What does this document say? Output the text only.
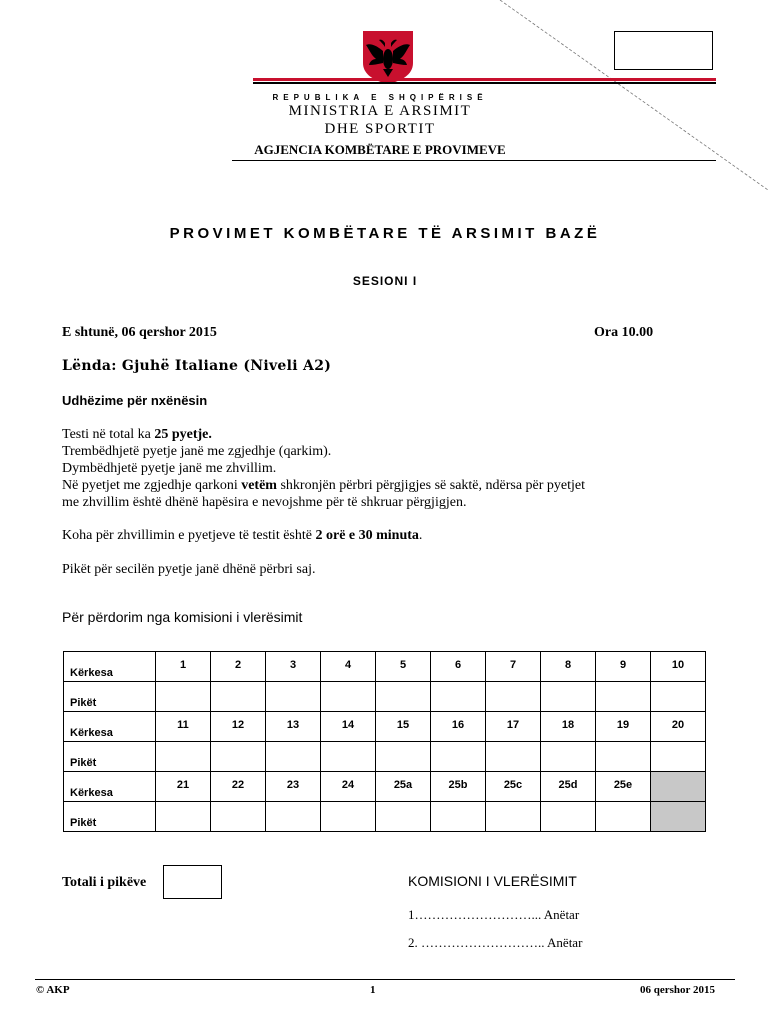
REPUBLIKA E SHQIPËRISË
MINISTRIA E ARSIMIT
DHE SPORTIT
AGJENCIA KOMBËTARE E PROVIMEVE
PROVIMET KOMBËTARE TË ARSIMIT BAZË
SESIONI I
E shtunë, 06 qershor 2015	Ora 10.00
Lënda: Gjuhë Italiane (Niveli A2)
Udhëzime për nxënësin
Testi në total ka 25 pyetje.
Trembëdhjetë pyetje janë me zgjedhje (qarkim).
Dymbëdhjetë pyetje janë me zhvillim.
Në pyetjet me zgjedhje qarkoni vetëm shkronjën përbri përgjigjes së saktë, ndërsa për pyetjet
me zhvillim është dhënë hapësira e nevojshme për të shkruar përgjigjen.
Koha për zhvillimin e pyetjeve të testit është 2 orë e 30 minuta.
Pikët për secilën pyetje janë dhënë përbri saj.
Për përdorim nga komisioni i vlerësimit
Kërkesa	1	2	3	4	5	6	7	8	9	10
Pikët										
Kërkesa	11	12	13	14	15	16	17	18	19	20
Pikët										
Kërkesa	21	22	23	24	25a	25b	25c	25d	25e	
Pikët										
Totali i pikëve	KOMISIONI I VLERËSIMIT
1………………………... Anëtar
2. ……………………….. Anëtar
© AKP	1	06 qershor 2015
